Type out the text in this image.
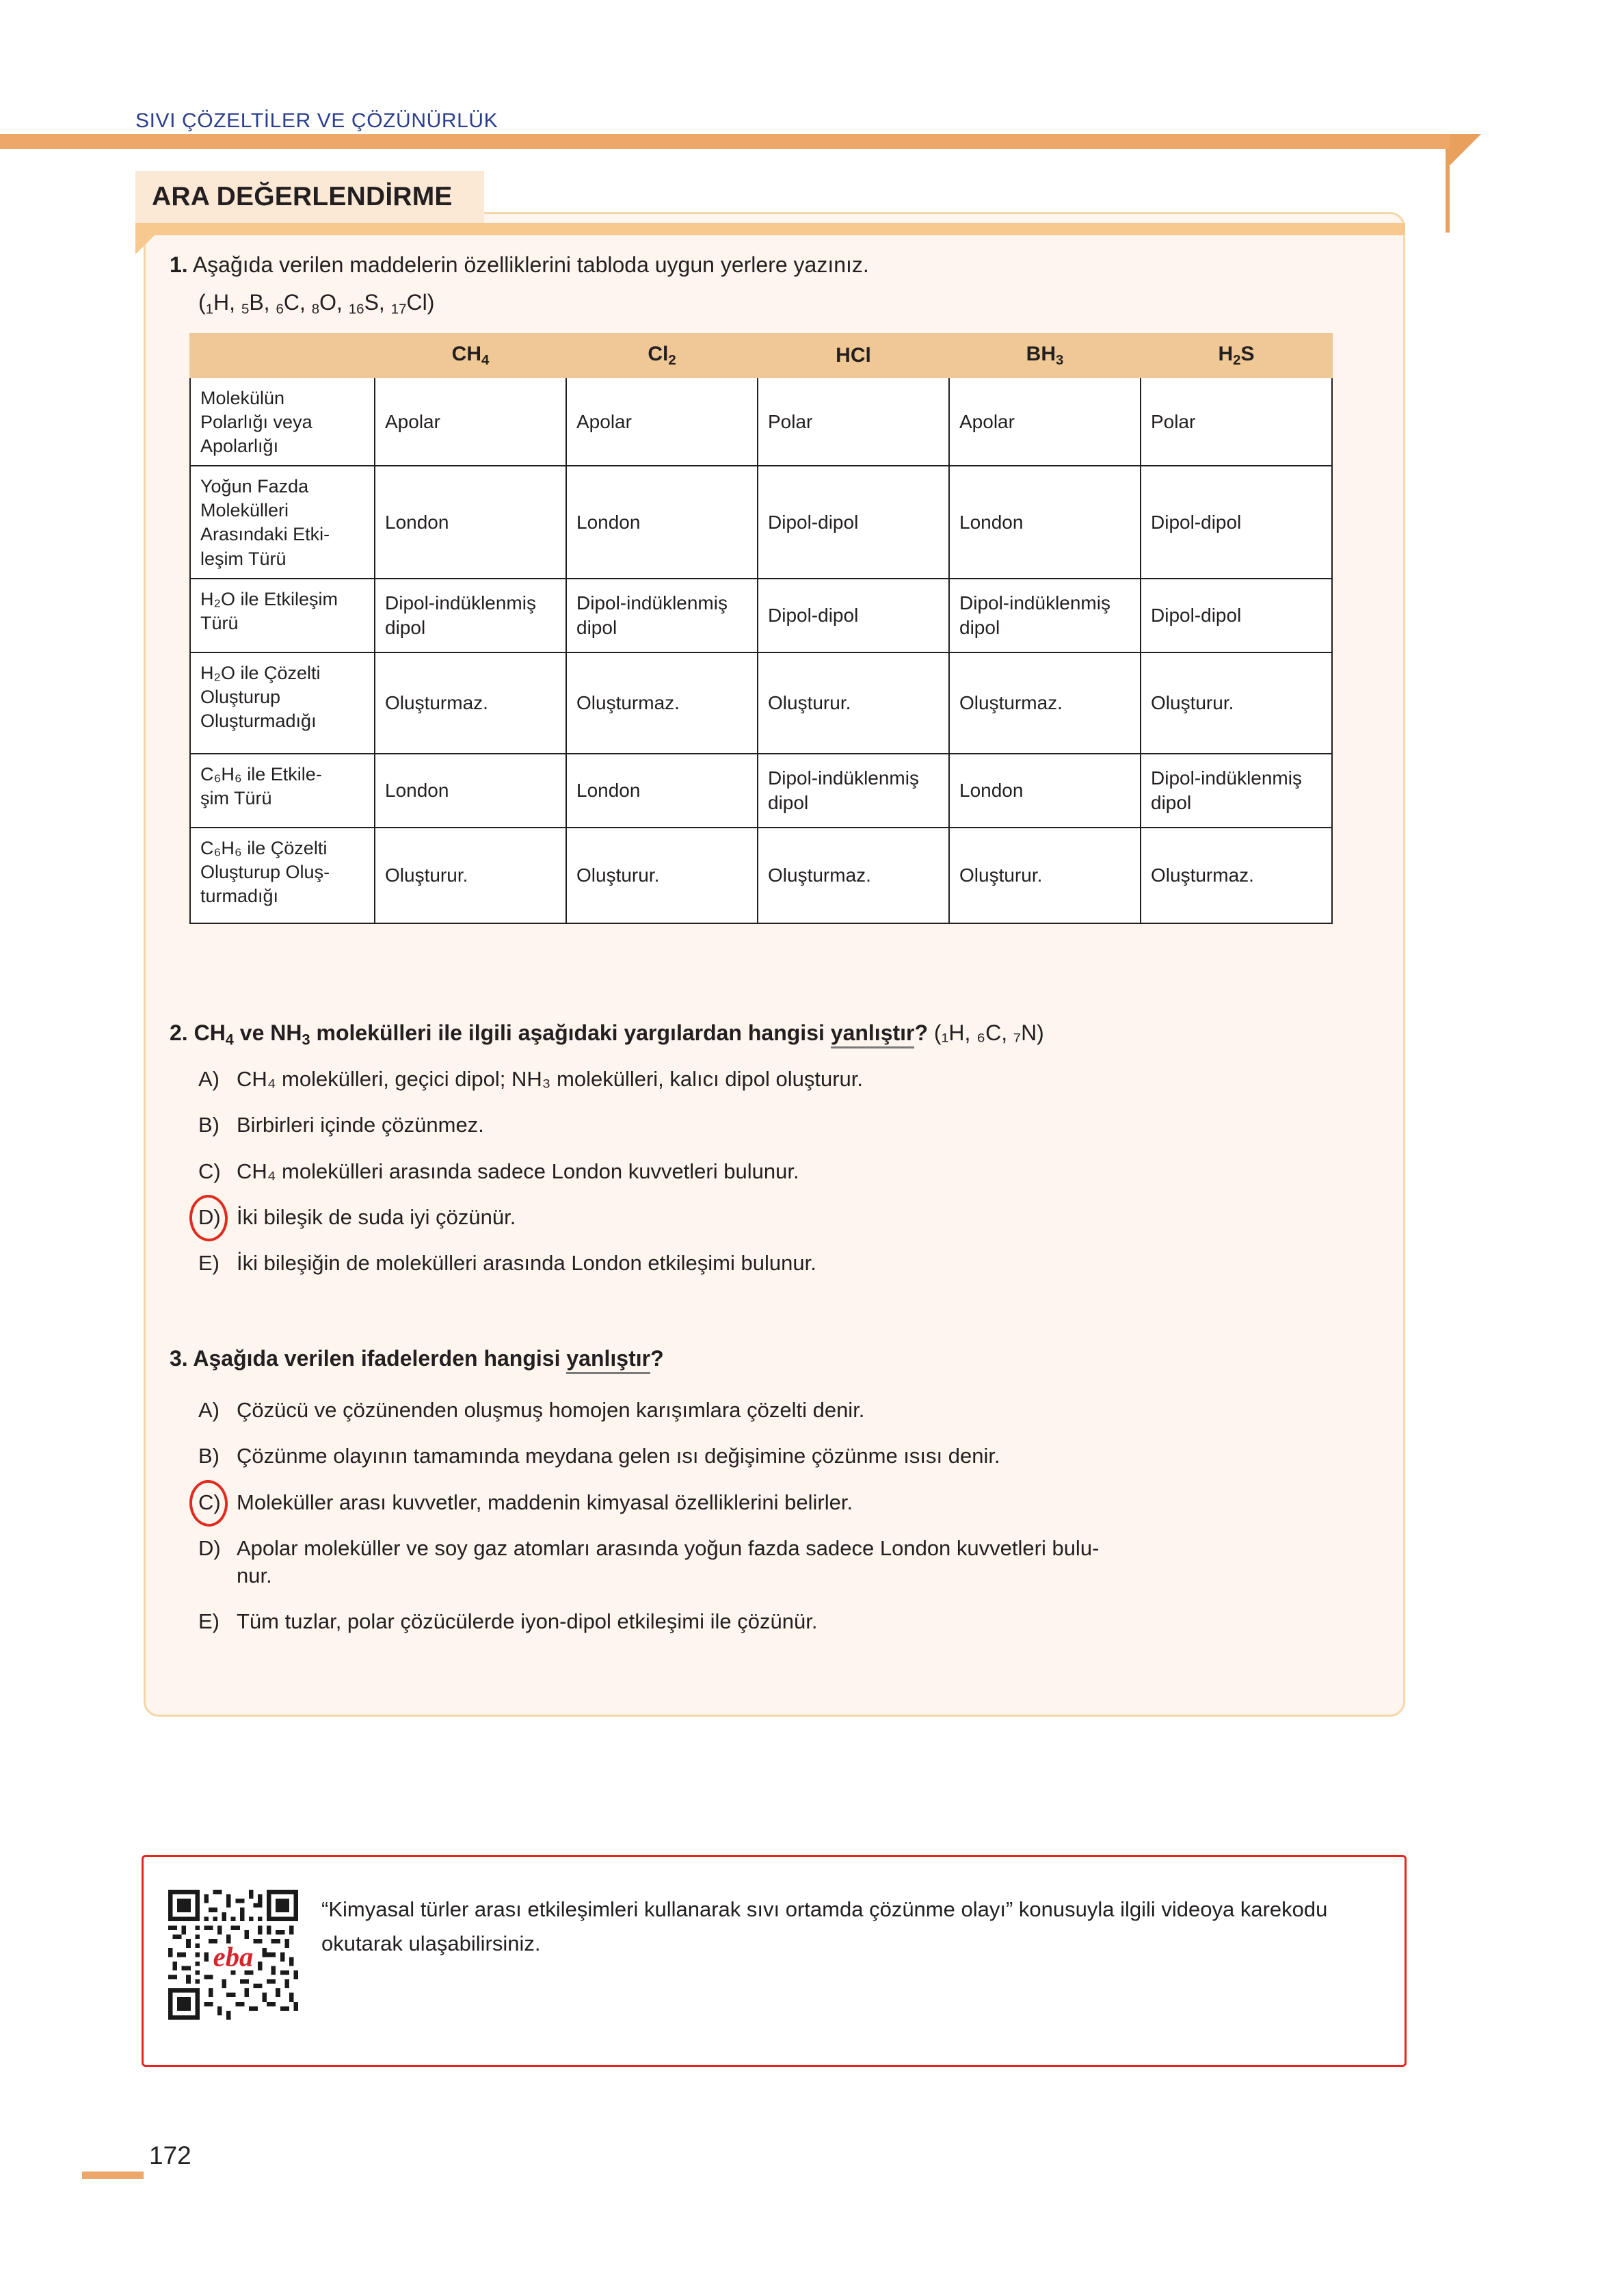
SIVI ÇÖZELTİLER VE ÇÖZÜNÜRLÜK
ARA DEĞERLENDİRME
1. Aşağıda verilen maddelerin özelliklerini tabloda uygun yerlere yazınız.
(1H, 5B, 6C, 8O, 16S, 17Cl)
	$CH_4$	$Cl_2$	HCl	$BH_3$	$H_2S$

Molekülün
Polarlığı veya
Apolarlığı	Apolar	Apolar	Polar	Apolar	Polar

Yoğun Fazda
Molekülleri
Arasındaki Etki-
leşim Türü	London	London	Dipol-dipol	London	Dipol-dipol

H₂O ile Etkileşim
Türü	Dipol-indüklenmiş dipol	Dipol-indüklenmiş dipol	Dipol-dipol	Dipol-indüklenmiş dipol	Dipol-dipol

H₂O ile Çözelti
Oluşturup
Oluşturmadığı	Oluşturmaz.	Oluşturmaz.	Oluşturur.	Oluşturmaz.	Oluşturur.

C₆H₆ ile Etkile-
şim Türü	London	London	Dipol-indüklenmiş dipol	London	Dipol-indüklenmiş dipol

C₆H₆ ile Çözelti
Oluşturup Oluş-
turmadığı	Oluşturur.	Oluşturur.	Oluşturmaz.	Oluşturur.	Oluşturmaz.
2. $CH_4$ ve $NH_3$ molekülleri ile ilgili aşağıdaki yargılardan hangisi yanlıştır? (₁H, ₆C, ₇N)
A) CH₄ molekülleri, geçici dipol; NH₃ molekülleri, kalıcı dipol oluşturur.
B) Birbirleri içinde çözünmez.
C) CH₄ molekülleri arasında sadece London kuvvetleri bulunur.
D) İki bileşik de suda iyi çözünür.
E) İki bileşiğin de molekülleri arasında London etkileşimi bulunur.
3. Aşağıda verilen ifadelerden hangisi yanlıştır?
A) Çözücü ve çözünenden oluşmuş homojen karışımlara çözelti denir.
B) Çözünme olayının tamamında meydana gelen ısı değişimine çözünme ısısı denir.
C) Moleküller arası kuvvetler, maddenin kimyasal özelliklerini belirler.
D) Apolar moleküller ve soy gaz atomları arasında yoğun fazda sadece London kuvvetleri bulu-
nur.
E) Tüm tuzlar, polar çözücülerde iyon-dipol etkileşimi ile çözünür.
eba
“Kimyasal türler arası etkileşimleri kullanarak sıvı ortamda çözünme olayı” konusuyla ilgili videoya karekodu okutarak ulaşabilirsiniz.
172
